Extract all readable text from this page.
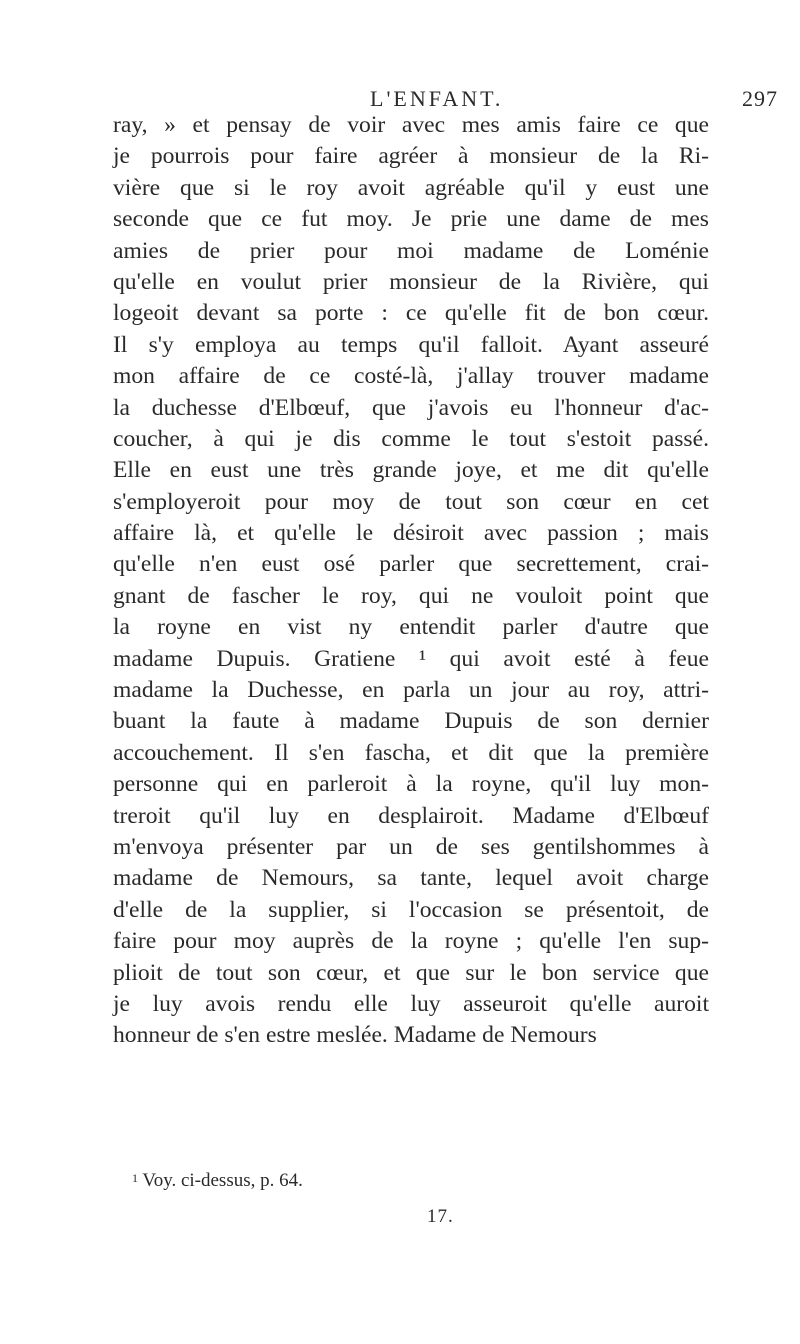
L'ENFANT.	297
ray, » et pensay de voir avec mes amis faire ce que
je pourrois pour faire agréer à monsieur de la Ri-
vière que si le roy avoit agréable qu'il y eust une
seconde que ce fut moy. Je prie une dame de mes
amies de prier pour moi madame de Loménie
qu'elle en voulut prier monsieur de la Rivière, qui
logeoit devant sa porte : ce qu'elle fit de bon cœur.
Il s'y employa au temps qu'il falloit. Ayant asseuré
mon affaire de ce costé-là, j'allay trouver madame
la duchesse d'Elbœuf, que j'avois eu l'honneur d'ac-
coucher, à qui je dis comme le tout s'estoit passé.
Elle en eust une très grande joye, et me dit qu'elle
s'employeroit pour moy de tout son cœur en cet
affaire là, et qu'elle le désiroit avec passion ; mais
qu'elle n'en eust osé parler que secrettement, crai-
gnant de fascher le roy, qui ne vouloit point que
la royne en vist ny entendit parler d'autre que
madame Dupuis. Gratiene ¹ qui avoit esté à feue
madame la Duchesse, en parla un jour au roy, attri-
buant la faute à madame Dupuis de son dernier
accouchement. Il s'en fascha, et dit que la première
personne qui en parleroit à la royne, qu'il luy mon-
treroit qu'il luy en desplairoit. Madame d'Elbœuf
m'envoya présenter par un de ses gentilshommes à
madame de Nemours, sa tante, lequel avoit charge
d'elle de la supplier, si l'occasion se présentoit, de
faire pour moy auprès de la royne ; qu'elle l'en sup-
plioit de tout son cœur, et que sur le bon service que
je luy avois rendu elle luy asseuroit qu'elle auroit
honneur de s'en estre meslée. Madame de Nemours
$^1$ Voy. ci-dessus, p. 64.
17.
